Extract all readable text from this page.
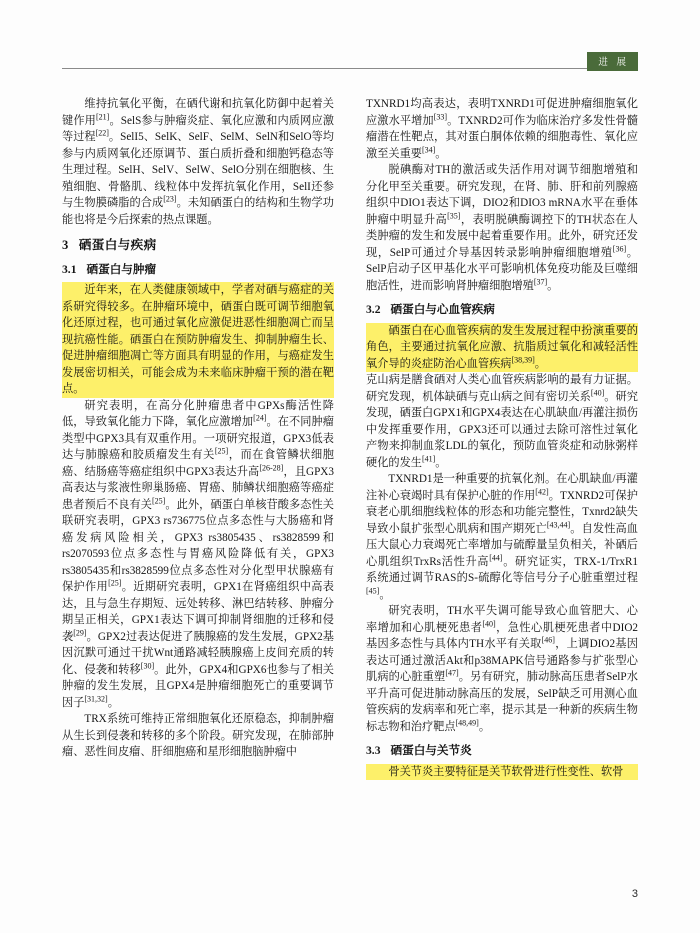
进 展

维持抗氧化平衡，在硒代谢和抗氧化防御中起着关键作用[21]。SelS参与肿瘤炎症、氧化应激和内质网应激等过程[22]。SelI5、SelK、SelF、SelM、SelN和SelO等均参与内质网氧化还原调节、蛋白质折叠和细胞钙稳态等生理过程。SelH、SelV、SelW、SelO分别在细胞核、生殖细胞、骨骼肌、线粒体中发挥抗氧化作用，SelI还参与生物膜磷脂的合成[23]。未知硒蛋白的结构和生物学功能也将是今后探索的热点课题。

3 硒蛋白与疾病
3.1 硒蛋白与肿瘤

近年来，在人类健康领域中，学者对硒与癌症的关系研究得较多。在肿瘤环境中，硒蛋白既可调节细胞氧化还原过程，也可通过氧化应激促进恶性细胞凋亡而呈现抗癌性能。硒蛋白在预防肿瘤发生、抑制肿瘤生长、促进肿瘤细胞凋亡等方面具有明显的作用，与癌症发生发展密切相关，可能会成为未来临床肿瘤干预的潜在靶点。

研究表明，在高分化肿瘤患者中GPXs酶活性降低，导致氧化能力下降，氧化应激增加[24]。在不同肿瘤类型中GPX3具有双重作用。一项研究报道，GPX3低表达与肺腺癌和胶质瘤发生有关[25]，而在食管鳞状细胞癌、结肠癌等癌症组织中GPX3表达升高[26-28]，且GPX3高表达与浆液性卵巢肠癌、胃癌、肺鳞状细胞癌等癌症患者预后不良有关[25]。此外，硒蛋白单核苷酸多态性关联研究表明，GPX3 rs736775位点多态性与大肠癌和肾癌发病风险相关，GPX3 rs3805435、rs3828599和rs2070593位点多态性与胃癌风险降低有关，GPX3 rs3805435和rs3828599位点多态性对分化型甲状腺癌有保护作用[25]。近期研究表明，GPX1在肾癌组织中高表达，且与急生存期短、远处转移、淋巴结转移、肿瘤分期呈正相关，GPX1表达下调可抑制肾细胞的迁移和侵袭[29]。GPX2过表达促进了胰腺癌的发生发展，GPX2基因沉默可通过干扰Wnt通路减轻胰腺癌上皮间充质的转化、侵袭和转移[30]。此外，GPX4和GPX6也参与了相关肿瘤的发生发展，且GPX4是肿瘤细胞死亡的重要调节因子[31,32]。

TRX系统可维持正常细胞氧化还原稳态，抑制肿瘤从生长到侵袭和转移的多个阶段。研究发现，在肺部肿瘤、恶性间皮瘤、肝细胞癌和星形细胞脑肿瘤中

TXNRD1均高表达，表明TXNRD1可促进肿瘤细胞氧化应激水平增加[33]。TXNRD2可作为临床治疗多发性骨髓瘤潜在性靶点，其对蛋白胴体依赖的细胞毒性、氧化应激至关重要[34]。

脱碘酶对TH的激活或失活作用对调节细胞增殖和分化甲至关重要。研究发现，在肾、肺、肝和前列腺癌组织中DIO1表达下调，DIO2和DIO3 mRNA水平在垂体肿瘤中明显升高[35]，表明脱碘酶调控下的TH状态在人类肿瘤的发生和发展中起着重要作用。此外，研究还发现，SelP可通过介导基因转录影响肿瘤细胞增殖[36]。SelP启动子区甲基化水平可影响机体免疫功能及巨噬细胞活性，进而影响肾肿瘤细胞增殖[37]。

3.2 硒蛋白与心血管疾病

硒蛋白在心血管疾病的发生发展过程中扮演重要的角色，主要通过抗氧化应激、抗脂质过氧化和减轻活性氧介导的炎症防治心血管疾病[38,39]。

克山病是膳食硒对人类心血管疾病影响的最有力证据。研究发现，机体缺硒与克山病之间有密切关系[40]。研究发现，硒蛋白GPX1和GPX4表达在心肌缺血/再灌注损伤中发挥重要作用，GPX3还可以通过去除可溶性过氧化产物来抑制血浆LDL的氧化，预防血管炎症和动脉粥样硬化的发生[41]。

TXNRD1是一种重要的抗氧化剂。在心肌缺血/再灌注补心衰竭时具有保护心脏的作用[42]。TXNRD2可保护衰老心肌细胞线粒体的形态和功能完整性，Txnrd2缺失导致小鼠扩张型心肌病和围产期死亡[43,44]。自发性高血压大鼠心力衰竭死亡率增加与硫醇量呈负相关，补硒后心肌组织TrxRs活性升高[44]。研究证实，TRX-1/TrxR1系统通过调节RAS的S-硫醇化等信号分子心脏重塑过程[45]。

研究表明，TH水平失调可能导致心血管肥大、心率增加和心肌梗死患者[40]，急性心肌梗死患者中DIO2基因多态性与具体内TH水平有关取[46]，上调DIO2基因表达可通过激活Akt和p38MAPK信号通路参与扩张型心肌病的心脏重塑[47]。另有研究，肺动脉高压患者SelP水平升高可促进肺动脉高压的发展，SelP缺乏可用测心血管疾病的发病率和死亡率，提示其是一种新的疾病生物标志物和治疗靶点[48,49]。

3.3 硒蛋白与关节炎

骨关节炎主要特征是关节软骨进行性变性、软骨

3
